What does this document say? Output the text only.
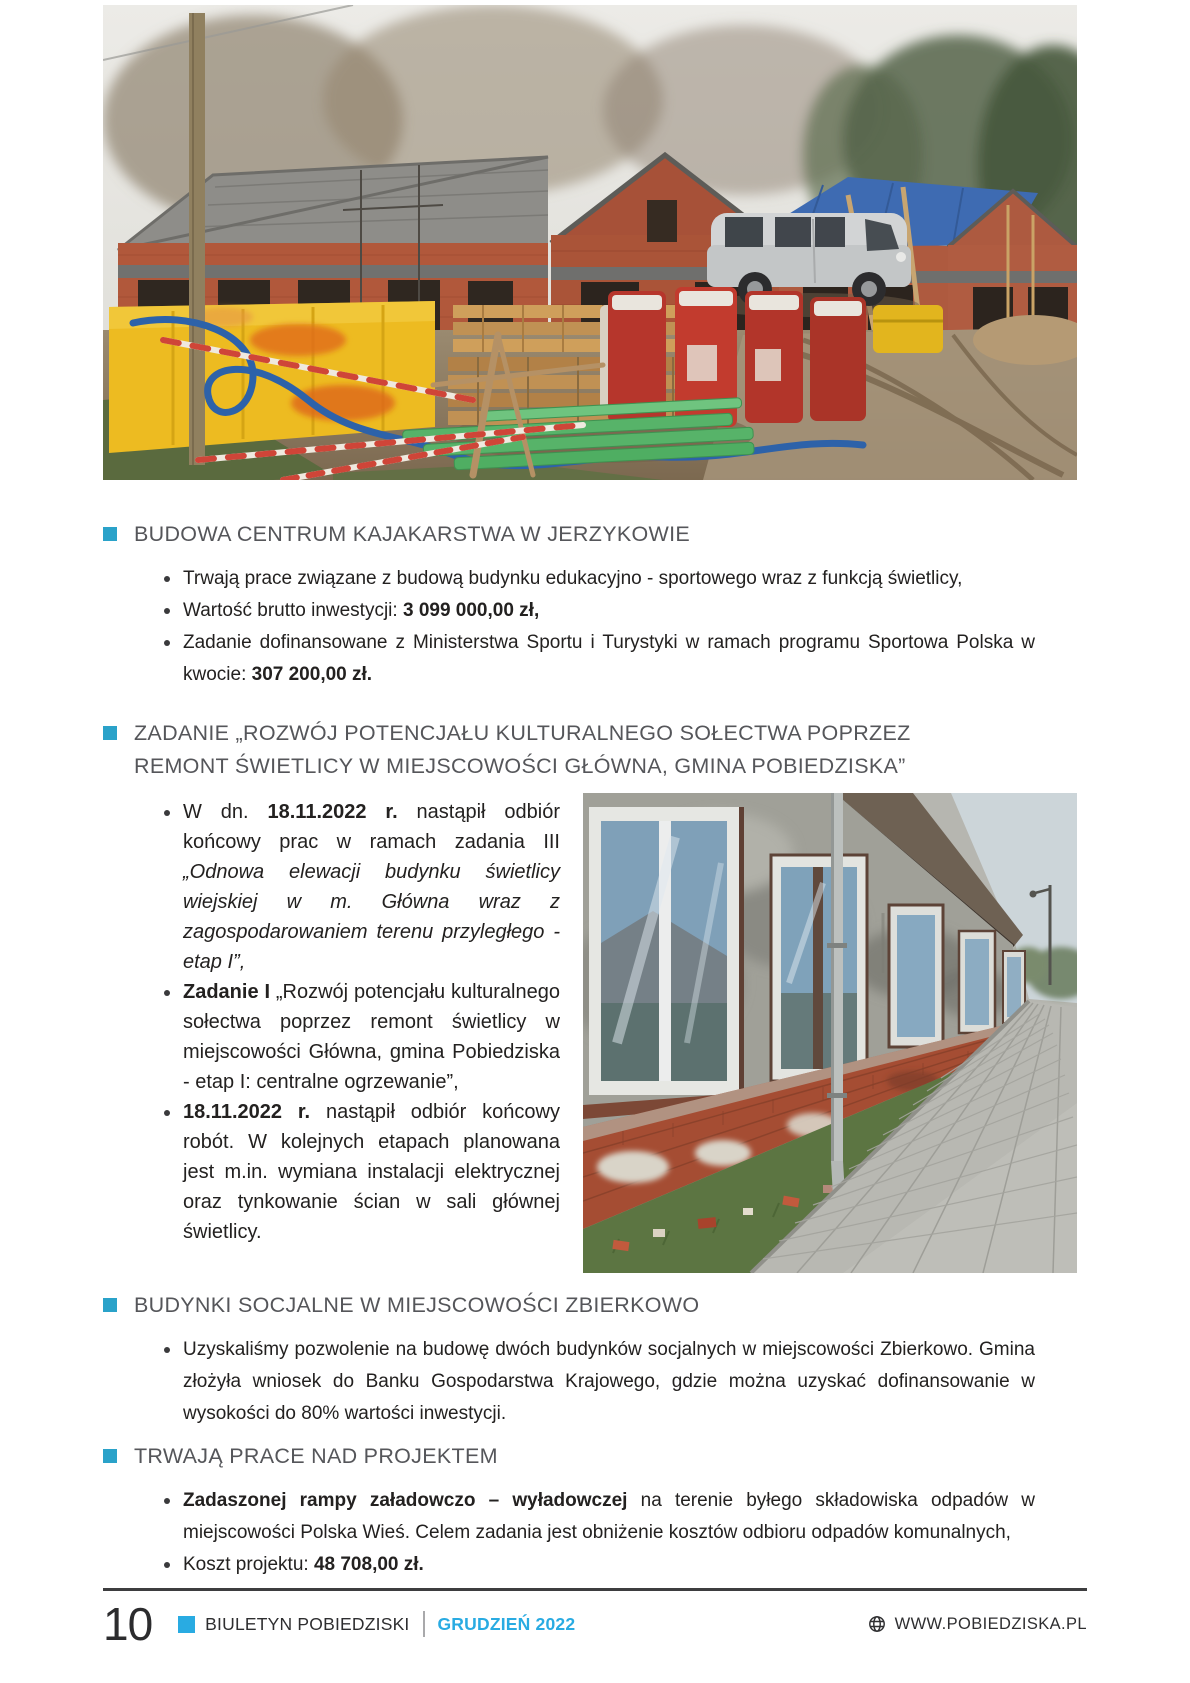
BUDOWA CENTRUM KAJAKARSTWA W JERZYKOWIE
Trwają prace związane z budową budynku edukacyjno - sportowego wraz z funkcją świetlicy,
Wartość brutto inwestycji: 3 099 000,00 zł,
Zadanie dofinansowane z Ministerstwa Sportu i Turystyki w ramach programu Sportowa Polska w kwocie: 307 200,00 zł.
ZADANIE „ROZWÓJ POTENCJAŁU KULTURALNEGO SOŁECTWA POPRZEZ REMONT ŚWIETLICY W MIEJSCOWOŚCI GŁÓWNA, GMINA POBIEDZISKA”
W dn. 18.11.2022 r. nastąpił odbiór końcowy prac w ramach zadania III „Odnowa elewacji budynku świetlicy wiejskiej w m. Główna wraz z zagospodarowaniem terenu przyległego - etap I”,
Zadanie I „Rozwój potencjału kulturalnego sołectwa poprzez remont świetlicy w miejscowości Główna, gmina Pobiedziska - etap I: centralne ogrzewanie”,
18.11.2022 r. nastąpił odbiór końcowy robót. W kolejnych etapach planowana jest m.in. wymiana instalacji elektrycznej oraz tynkowanie ścian w sali głównej świetlicy.
BUDYNKI SOCJALNE W MIEJSCOWOŚCI ZBIERKOWO
Uzyskaliśmy pozwolenie na budowę dwóch budynków socjalnych w miejscowości Zbierkowo. Gmina złożyła wniosek do Banku Gospodarstwa Krajowego, gdzie można uzyskać dofinansowanie w wysokości do 80% wartości inwestycji.
TRWAJĄ PRACE NAD PROJEKTEM
Zadaszonej rampy załadowczo – wyładowczej na terenie byłego składowiska odpadów w miejscowości Polska Wieś. Celem zadania jest obniżenie kosztów odbioru odpadów komunalnych,
Koszt projektu: 48 708,00 zł.
10	BIULETYN POBIEDZISKI GRUDZIEŃ 2022	WWW.POBIEDZISKA.PL
